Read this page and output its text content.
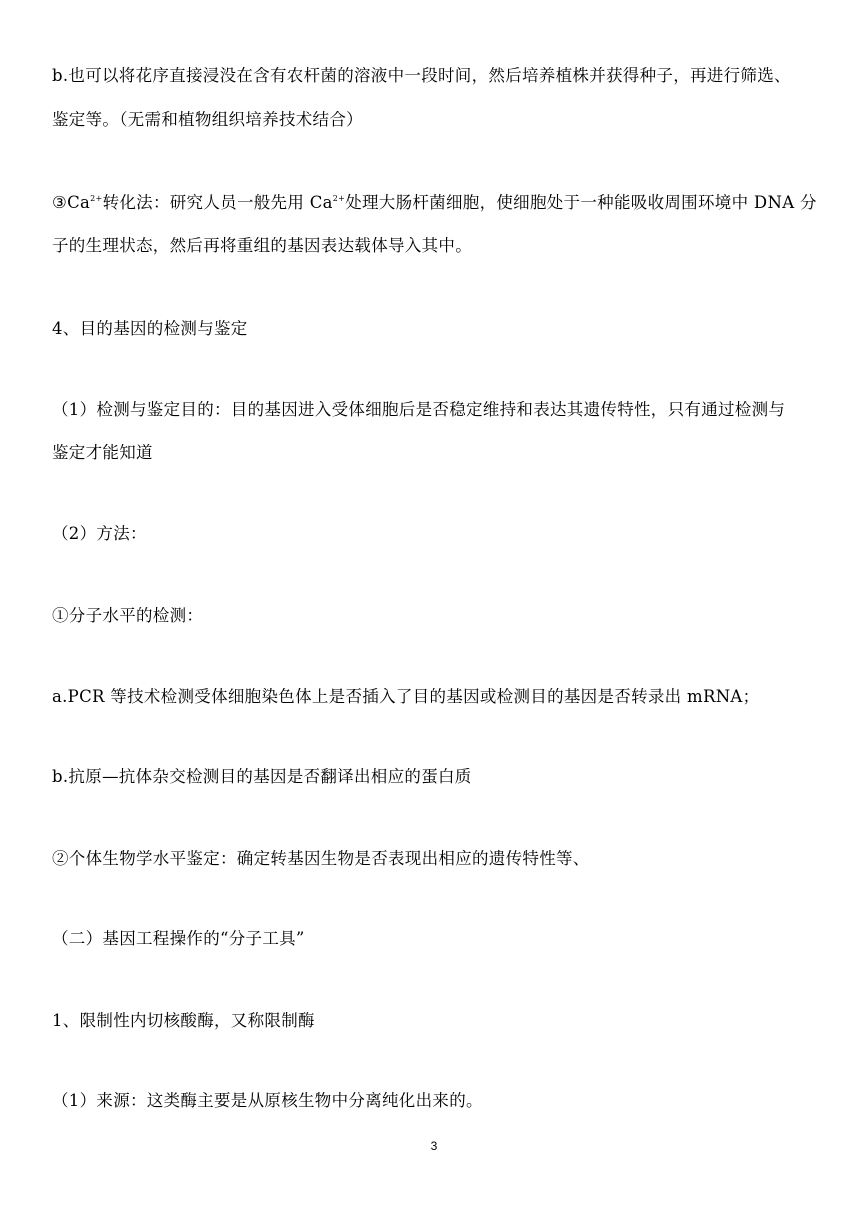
b.也可以将花序直接浸没在含有农杆菌的溶液中一段时间，然后培养植株并获得种子，再进行筛选、
鉴定等。（无需和植物组织培养技术结合）
$③Ca^{2+}$转化法：研究人员一般先用 $Ca^{2+}$处理大肠杆菌细胞，使细胞处于一种能吸收周围环境中 DNA 分
子的生理状态，然后再将重组的基因表达载体导入其中。
4、目的基因的检测与鉴定
（1）检测与鉴定目的：目的基因进入受体细胞后是否稳定维持和表达其遗传特性，只有通过检测与
鉴定才能知道
（2）方法：
①分子水平的检测：
a.PCR 等技术检测受体细胞染色体上是否插入了目的基因或检测目的基因是否转录出 mRNA；
b.抗原—抗体杂交检测目的基因是否翻译出相应的蛋白质
②个体生物学水平鉴定：确定转基因生物是否表现出相应的遗传特性等、
（二）基因工程操作的“分子工具”
1、限制性内切核酸酶，又称限制酶
（1）来源：这类酶主要是从原核生物中分离纯化出来的。
3
